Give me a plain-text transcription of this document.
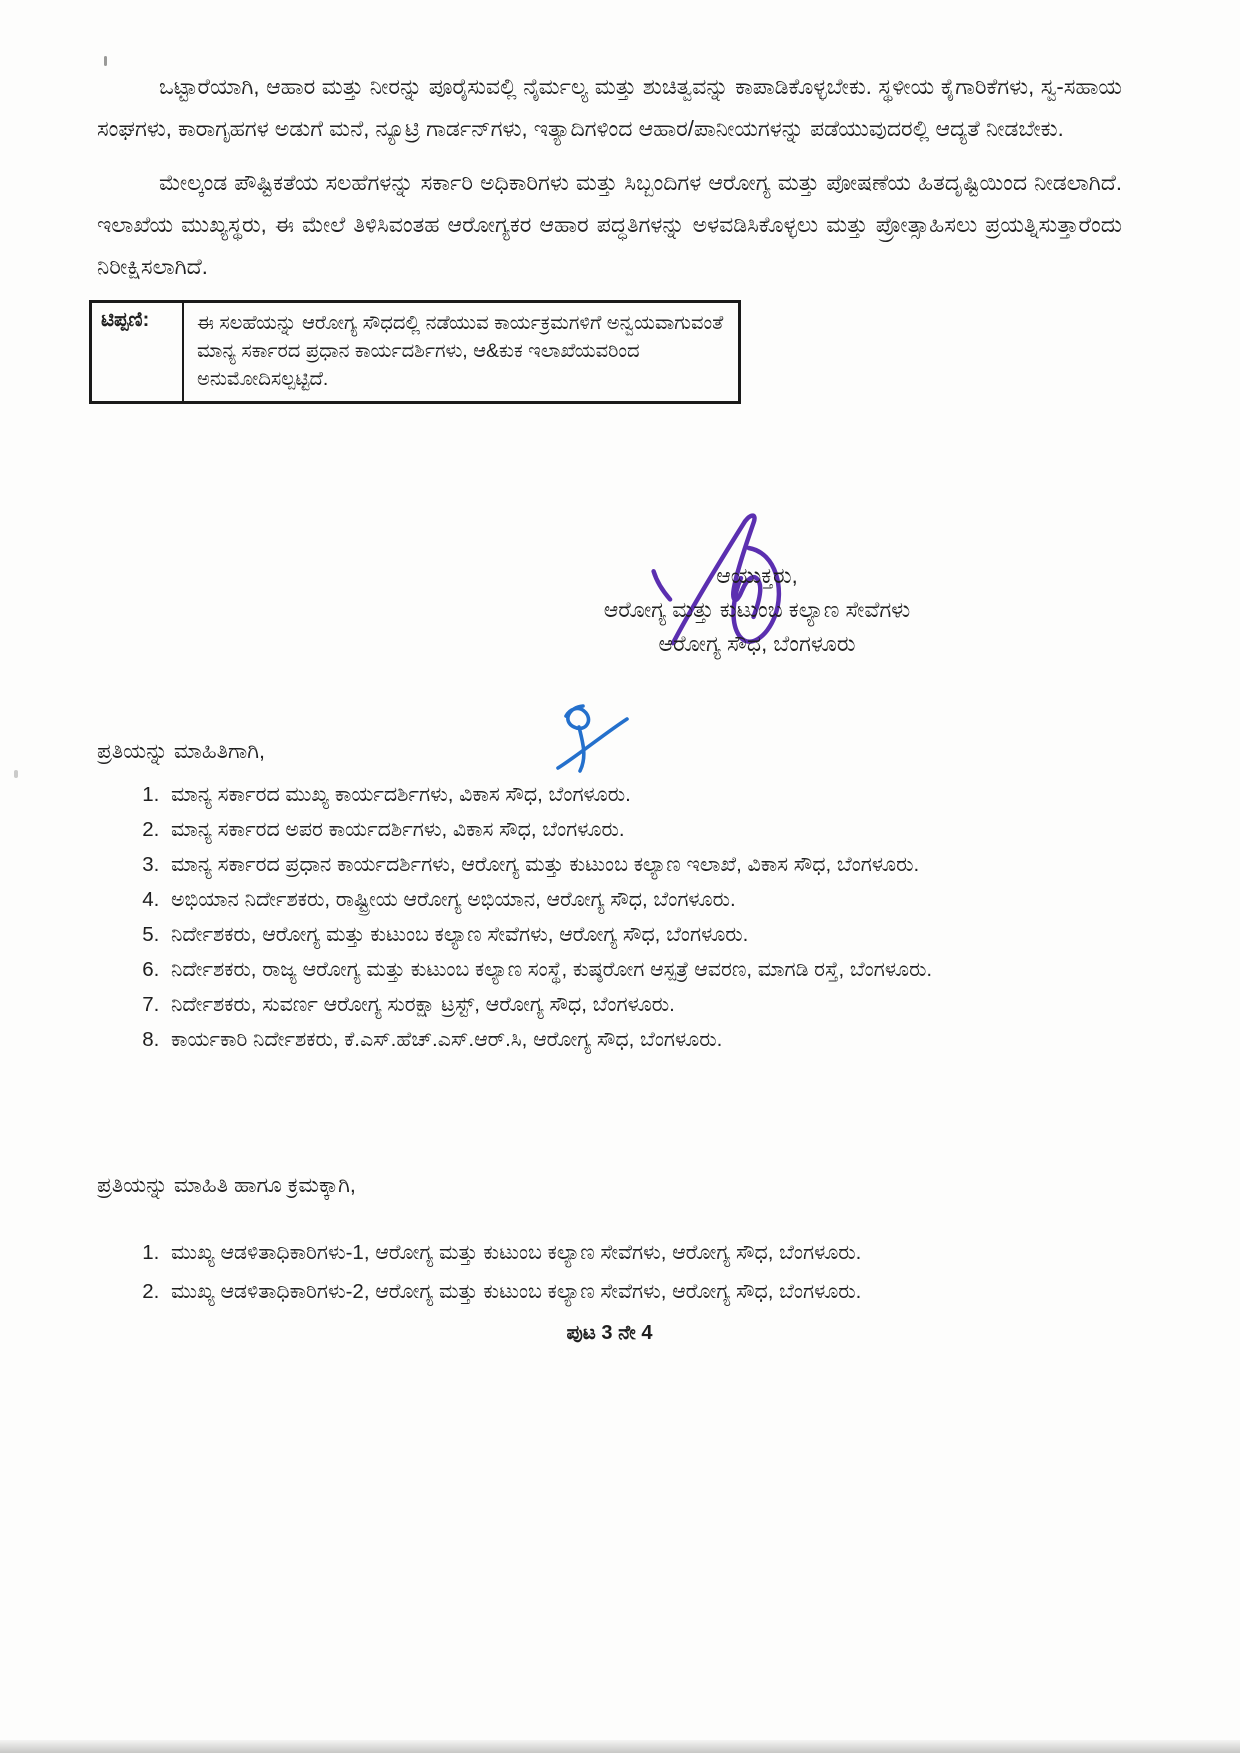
ಒಟ್ಟಾರೆಯಾಗಿ, ಆಹಾರ ಮತ್ತು ನೀರನ್ನು ಪೂರೈಸುವಲ್ಲಿ ನೈರ್ಮಲ್ಯ ಮತ್ತು ಶುಚಿತ್ವವನ್ನು ಕಾಪಾಡಿಕೊಳ್ಳಬೇಕು. ಸ್ಥಳೀಯ ಕೈಗಾರಿಕೆಗಳು, ಸ್ವ-ಸಹಾಯ ಸಂಘಗಳು, ಕಾರಾಗೃಹಗಳ ಅಡುಗೆ ಮನೆ, ನ್ಯೂಟ್ರಿ ಗಾರ್ಡನ್‌ಗಳು, ಇತ್ಯಾದಿಗಳಿಂದ ಆಹಾರ/ಪಾನೀಯಗಳನ್ನು ಪಡೆಯುವುದರಲ್ಲಿ ಆದ್ಯತೆ ನೀಡಬೇಕು.

ಮೇಲ್ಕಂಡ ಪೌಷ್ಟಿಕತೆಯ ಸಲಹೆಗಳನ್ನು ಸರ್ಕಾರಿ ಅಧಿಕಾರಿಗಳು ಮತ್ತು ಸಿಬ್ಬಂದಿಗಳ ಆರೋಗ್ಯ ಮತ್ತು ಪೋಷಣೆಯ ಹಿತದೃಷ್ಟಿಯಿಂದ ನೀಡಲಾಗಿದೆ. ಇಲಾಖೆಯ ಮುಖ್ಯಸ್ಥರು, ಈ ಮೇಲೆ ತಿಳಿಸಿವಂತಹ ಆರೋಗ್ಯಕರ ಆಹಾರ ಪದ್ಧತಿಗಳನ್ನು ಅಳವಡಿಸಿಕೊಳ್ಳಲು ಮತ್ತು ಪ್ರೋತ್ಸಾಹಿಸಲು ಪ್ರಯತ್ನಿಸುತ್ತಾರೆಂದು ನಿರೀಕ್ಷಿಸಲಾಗಿದೆ.

ಟಿಪ್ಪಣಿ:	ಈ ಸಲಹೆಯನ್ನು ಆರೋಗ್ಯ ಸೌಧದಲ್ಲಿ ನಡೆಯುವ ಕಾರ್ಯಕ್ರಮಗಳಿಗೆ ಅನ್ವಯವಾಗುವಂತೆ ಮಾನ್ಯ ಸರ್ಕಾರದ ಪ್ರಧಾನ ಕಾರ್ಯದರ್ಶಿಗಳು, ಆ&ಕುಕ ಇಲಾಖೆಯವರಿಂದ ಅನುಮೋದಿಸಲ್ಪಟ್ಟಿದೆ.
ಆಯುಕ್ತರು,
ಆರೋಗ್ಯ ಮತ್ತು ಕುಟುಂಬ ಕಲ್ಯಾಣ ಸೇವೆಗಳು
ಆರೋಗ್ಯ ಸೌಧ, ಬೆಂಗಳೂರು
ಪ್ರತಿಯನ್ನು ಮಾಹಿತಿಗಾಗಿ,
1. ಮಾನ್ಯ ಸರ್ಕಾರದ ಮುಖ್ಯ ಕಾರ್ಯದರ್ಶಿಗಳು, ವಿಕಾಸ ಸೌಧ, ಬೆಂಗಳೂರು.
2. ಮಾನ್ಯ ಸರ್ಕಾರದ ಅಪರ ಕಾರ್ಯದರ್ಶಿಗಳು, ವಿಕಾಸ ಸೌಧ, ಬೆಂಗಳೂರು.
3. ಮಾನ್ಯ ಸರ್ಕಾರದ ಪ್ರಧಾನ ಕಾರ್ಯದರ್ಶಿಗಳು, ಆರೋಗ್ಯ ಮತ್ತು ಕುಟುಂಬ ಕಲ್ಯಾಣ ಇಲಾಖೆ, ವಿಕಾಸ ಸೌಧ, ಬೆಂಗಳೂರು.
4. ಅಭಿಯಾನ ನಿರ್ದೇಶಕರು, ರಾಷ್ಟ್ರೀಯ ಆರೋಗ್ಯ ಅಭಿಯಾನ, ಆರೋಗ್ಯ ಸೌಧ, ಬೆಂಗಳೂರು.
5. ನಿರ್ದೇಶಕರು, ಆರೋಗ್ಯ ಮತ್ತು ಕುಟುಂಬ ಕಲ್ಯಾಣ ಸೇವೆಗಳು, ಆರೋಗ್ಯ ಸೌಧ, ಬೆಂಗಳೂರು.
6. ನಿರ್ದೇಶಕರು, ರಾಜ್ಯ ಆರೋಗ್ಯ ಮತ್ತು ಕುಟುಂಬ ಕಲ್ಯಾಣ ಸಂಸ್ಥೆ, ಕುಷ್ಠರೋಗ ಆಸ್ಪತ್ರೆ ಆವರಣ, ಮಾಗಡಿ ರಸ್ತೆ, ಬೆಂಗಳೂರು.
7. ನಿರ್ದೇಶಕರು, ಸುವರ್ಣ ಆರೋಗ್ಯ ಸುರಕ್ಷಾ ಟ್ರಸ್ಟ್, ಆರೋಗ್ಯ ಸೌಧ, ಬೆಂಗಳೂರು.
8. ಕಾರ್ಯಕಾರಿ ನಿರ್ದೇಶಕರು, ಕೆ.ಎಸ್.ಹೆಚ್.ಎಸ್.ಆರ್.ಸಿ, ಆರೋಗ್ಯ ಸೌಧ, ಬೆಂಗಳೂರು.
ಪ್ರತಿಯನ್ನು ಮಾಹಿತಿ ಹಾಗೂ ಕ್ರಮಕ್ಕಾಗಿ,
1. ಮುಖ್ಯ ಆಡಳಿತಾಧಿಕಾರಿಗಳು-1, ಆರೋಗ್ಯ ಮತ್ತು ಕುಟುಂಬ ಕಲ್ಯಾಣ ಸೇವೆಗಳು, ಆರೋಗ್ಯ ಸೌಧ, ಬೆಂಗಳೂರು.
2. ಮುಖ್ಯ ಆಡಳಿತಾಧಿಕಾರಿಗಳು-2, ಆರೋಗ್ಯ ಮತ್ತು ಕುಟುಂಬ ಕಲ್ಯಾಣ ಸೇವೆಗಳು, ಆರೋಗ್ಯ ಸೌಧ, ಬೆಂಗಳೂರು.
ಪುಟ 3 ನೇ 4
